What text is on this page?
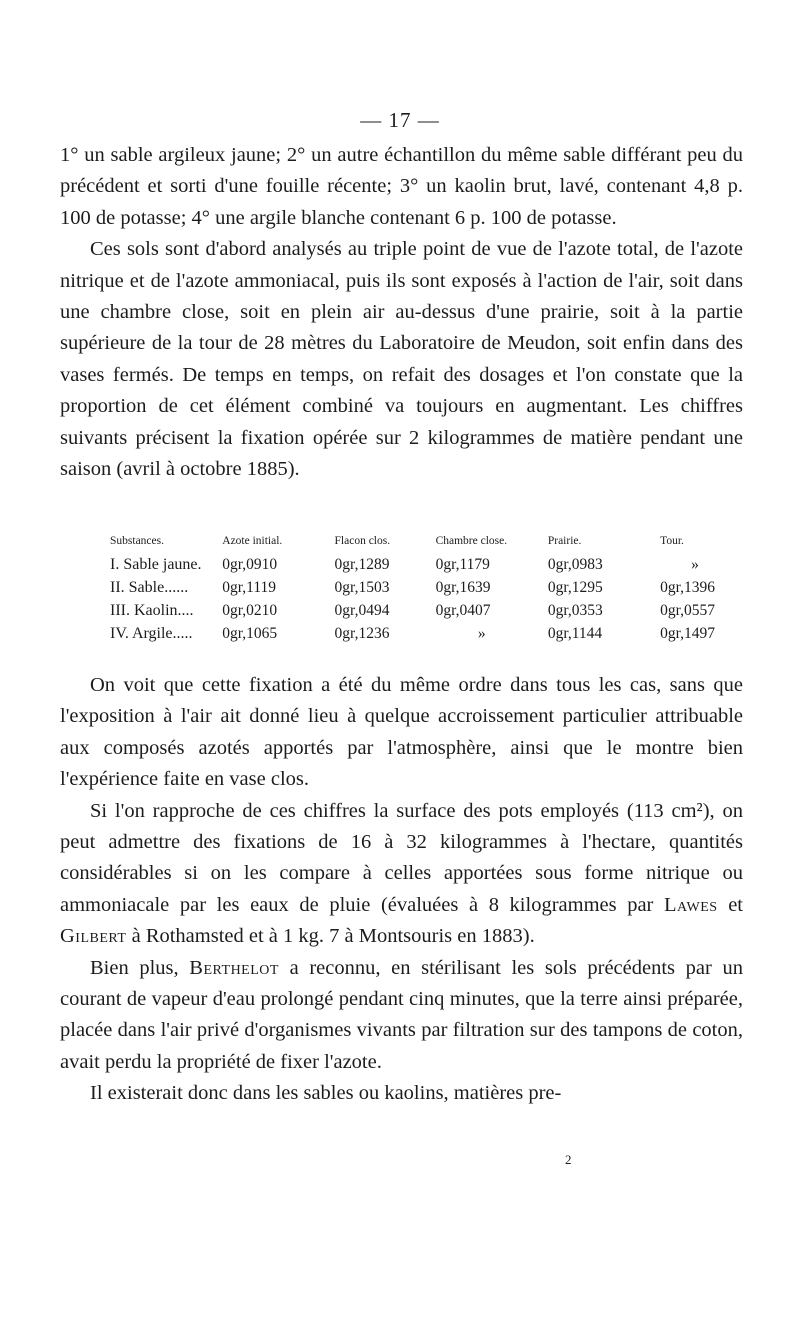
— 17 —

1° un sable argileux jaune; 2° un autre échantillon du même sable différant peu du précédent et sorti d'une fouille récente; 3° un kaolin brut, lavé, contenant 4,8 p. 100 de potasse; 4° une argile blanche contenant 6 p. 100 de potasse.

Ces sols sont d'abord analysés au triple point de vue de l'azote total, de l'azote nitrique et de l'azote ammoniacal, puis ils sont exposés à l'action de l'air, soit dans une chambre close, soit en plein air au-dessus d'une prairie, soit à la partie supérieure de la tour de 28 mètres du Laboratoire de Meudon, soit enfin dans des vases fermés. De temps en temps, on refait des dosages et l'on constate que la proportion de cet élément combiné va toujours en augmentant. Les chiffres suivants précisent la fixation opérée sur 2 kilogrammes de matière pendant une saison (avril à octobre 1885).

Substances.	Azote initial.	Flacon clos.	Chambre close.	Prairie.	Tour.
I. Sable jaune.	0gr,0910	0gr,1289	0gr,1179	0gr,0983	»
II. Sable......	0gr,1119	0gr,1503	0gr,1639	0gr,1295	0gr,1396
III. Kaolin....	0gr,0210	0gr,0494	0gr,0407	0gr,0353	0gr,0557
IV. Argile.....	0gr,1065	0gr,1236	»	0gr,1144	0gr,1497

On voit que cette fixation a été du même ordre dans tous les cas, sans que l'exposition à l'air ait donné lieu à quelque accroissement particulier attribuable aux composés azotés apportés par l'atmosphère, ainsi que le montre bien l'expérience faite en vase clos.

Si l'on rapproche de ces chiffres la surface des pots employés (113 cm²), on peut admettre des fixations de 16 à 32 kilogrammes à l'hectare, quantités considérables si on les compare à celles apportées sous forme nitrique ou ammoniacale par les eaux de pluie (évaluées à 8 kilogrammes par Lawes et Gilbert à Rothamsted et à 1 kg. 7 à Montsouris en 1883).

Bien plus, Berthelot a reconnu, en stérilisant les sols précédents par un courant de vapeur d'eau prolongé pendant cinq minutes, que la terre ainsi préparée, placée dans l'air privé d'organismes vivants par filtration sur des tampons de coton, avait perdu la propriété de fixer l'azote.

Il existerait donc dans les sables ou kaolins, matières pre-

2
